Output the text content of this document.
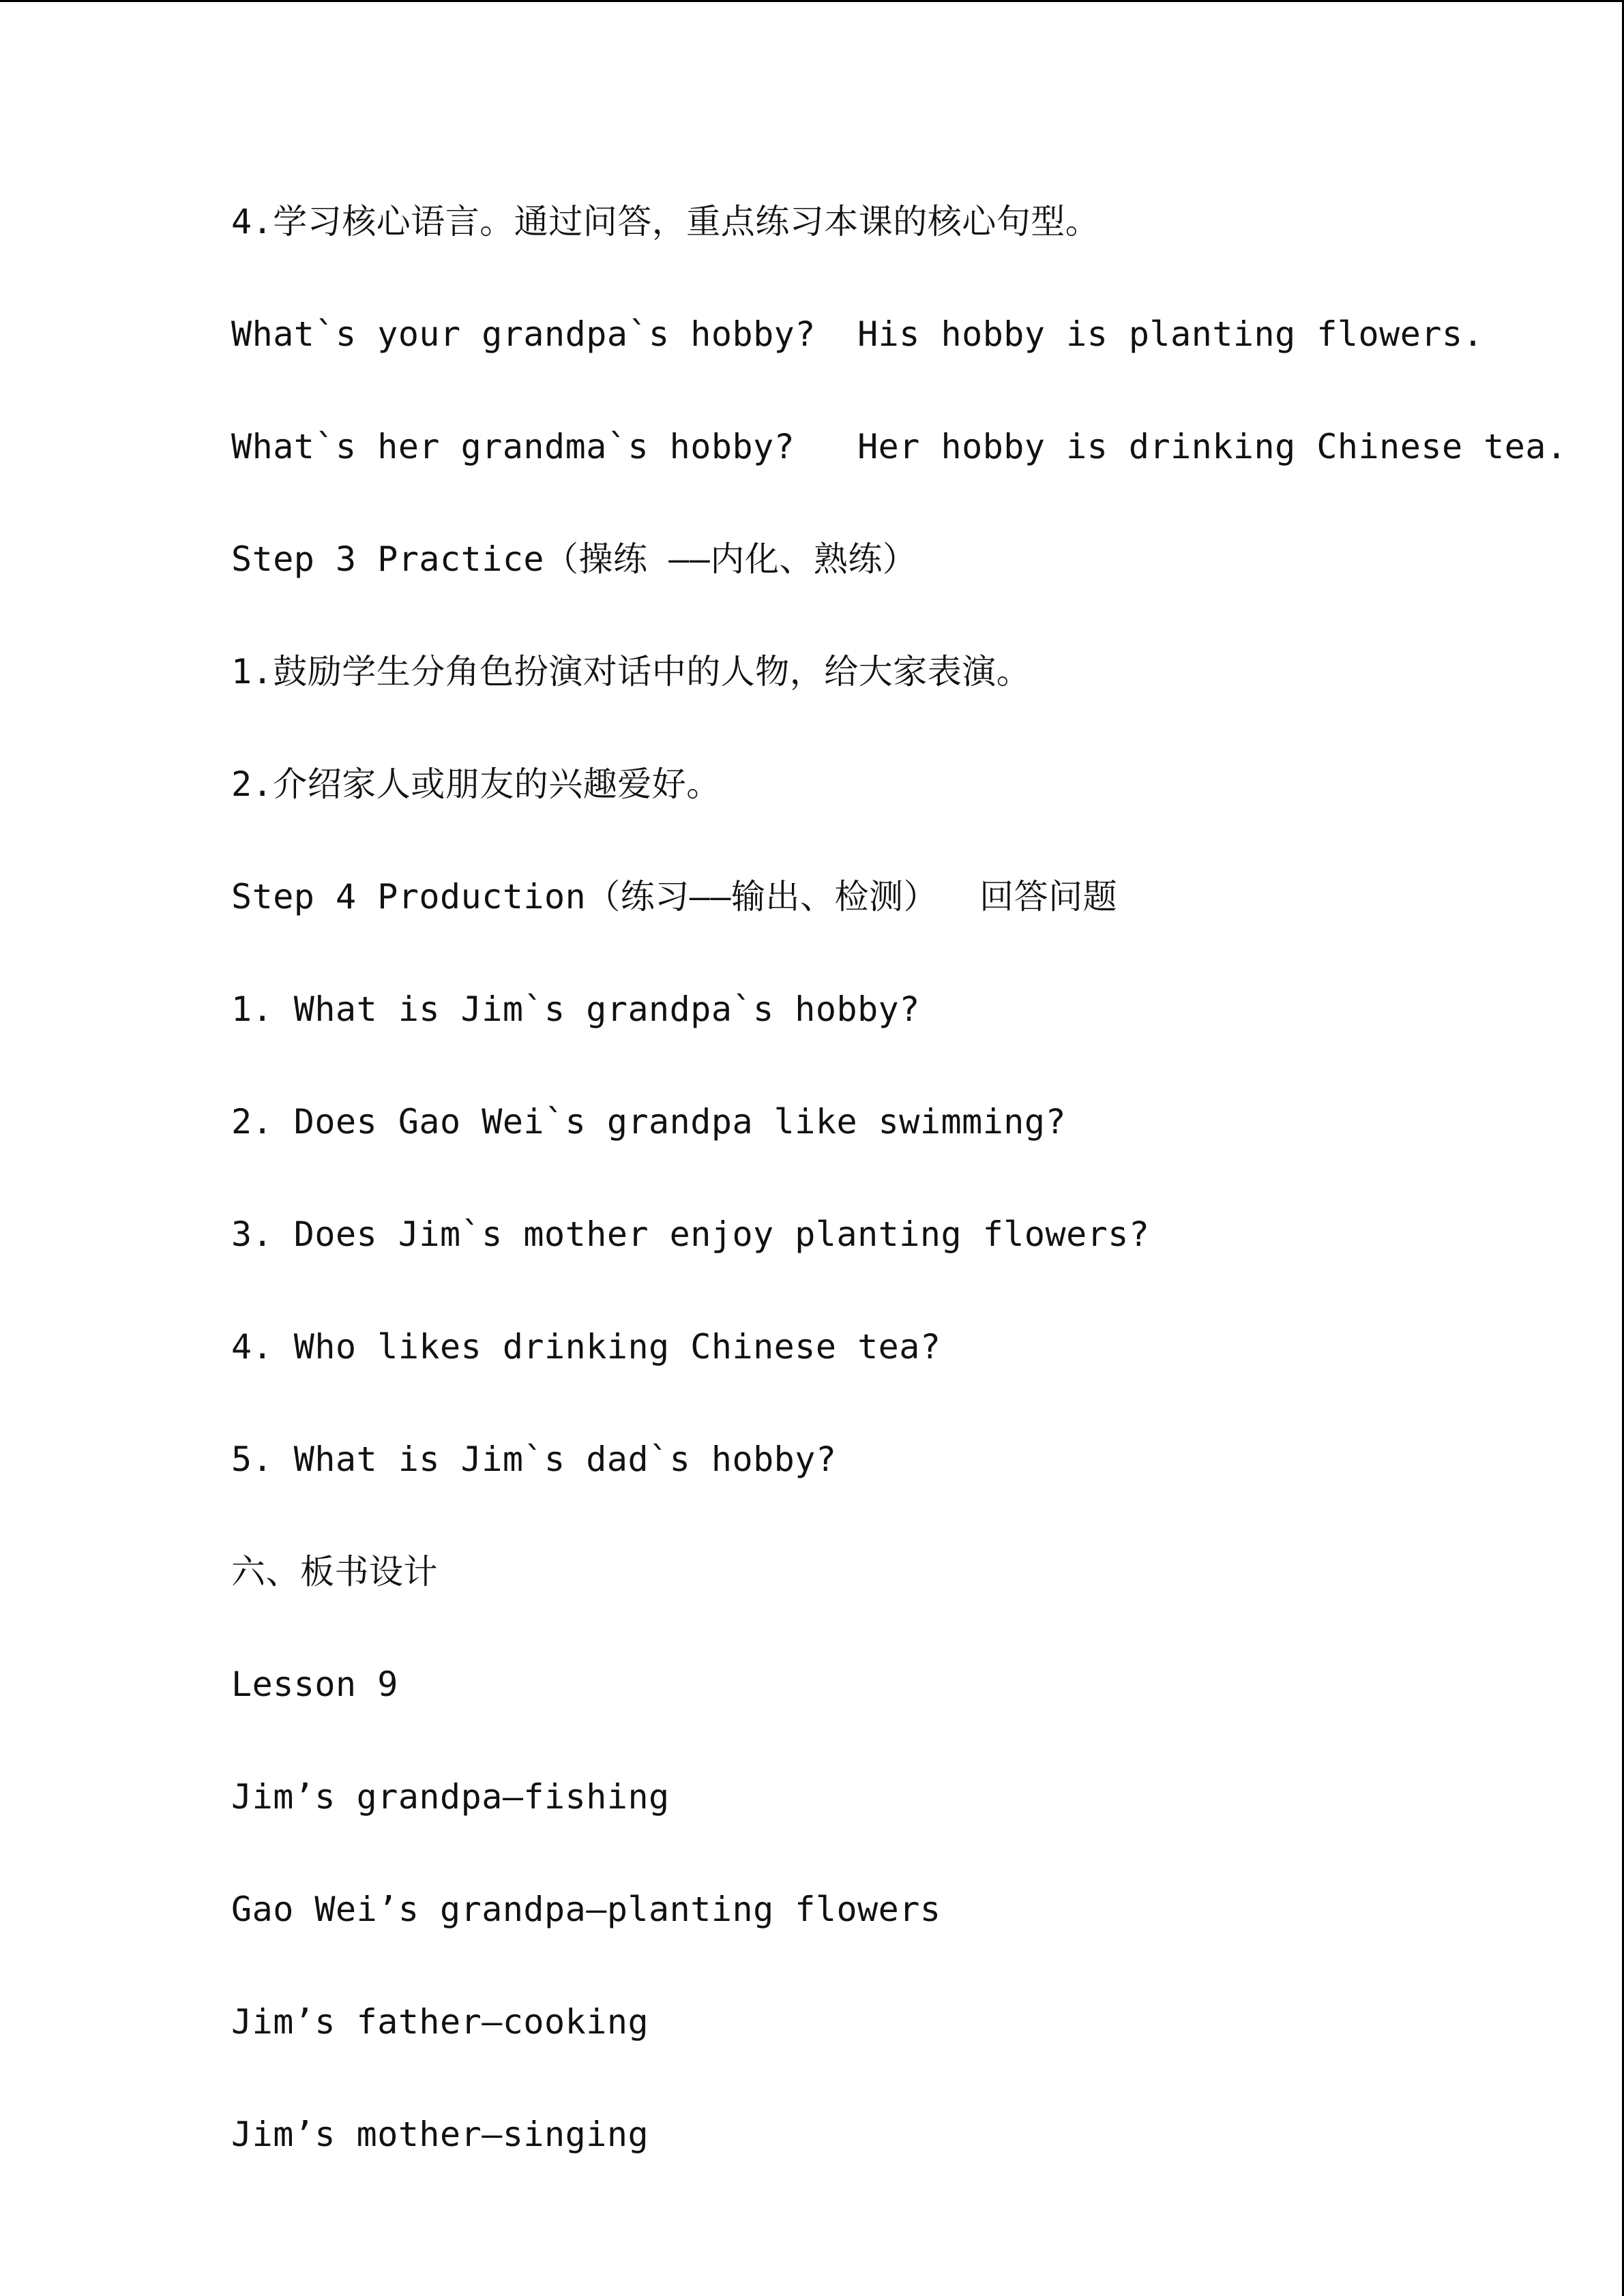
4.学习核心语言。通过问答，重点练习本课的核心句型。
What`s your grandpa`s hobby?  His hobby is planting flowers.
What`s her grandma`s hobby?   Her hobby is drinking Chinese tea.
Step 3 Practice（操练 ——内化、熟练）
1.鼓励学生分角色扮演对话中的人物，给大家表演。
2.介绍家人或朋友的兴趣爱好。
Step 4 Production（练习——输出、检测）  回答问题
1. What is Jim`s grandpa`s hobby?
2. Does Gao Wei`s grandpa like swimming?
3. Does Jim`s mother enjoy planting flowers?
4. Who likes drinking Chinese tea?
5. What is Jim`s dad`s hobby?
六、板书设计
Lesson 9
Jim’s grandpa—fishing
Gao Wei’s grandpa—planting flowers
Jim’s father—cooking
Jim’s mother—singing
